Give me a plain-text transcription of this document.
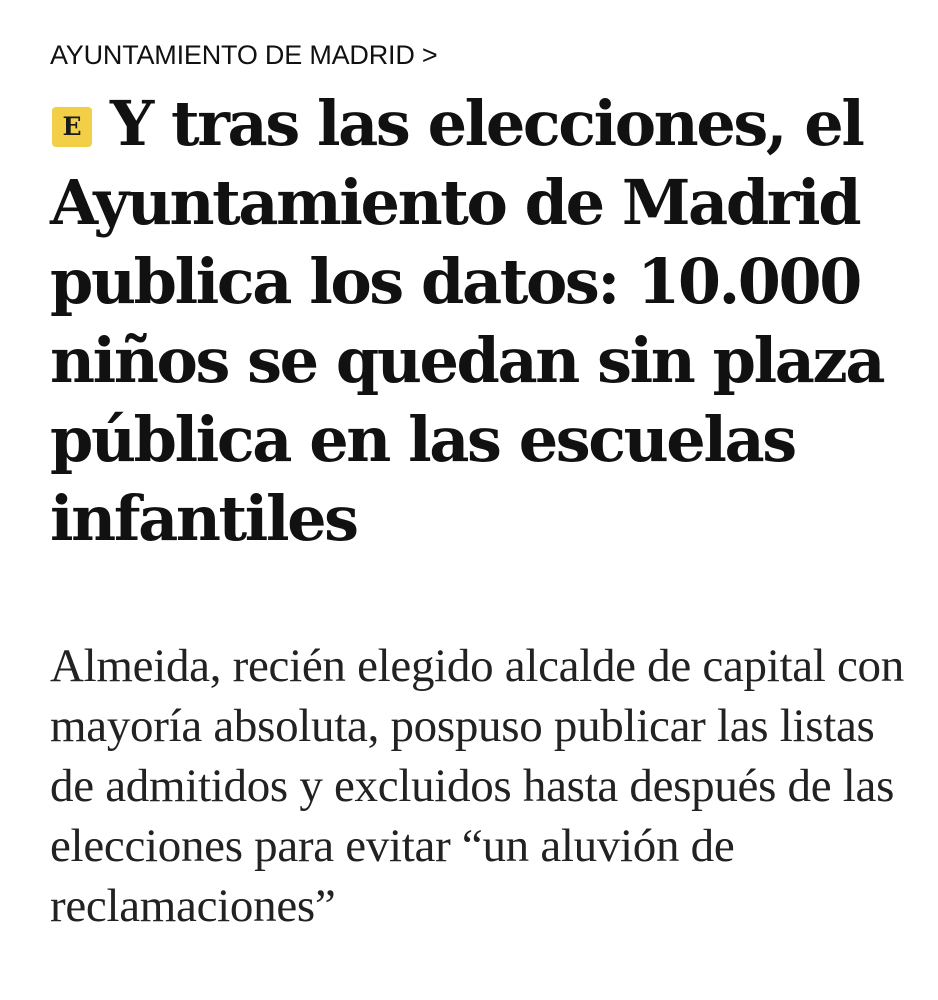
AYUNTAMIENTO DE MADRID >
E Y tras las elecciones, el Ayuntamiento de Madrid publica los datos: 10.000 niños se quedan sin plaza pública en las escuelas infantiles

Almeida, recién elegido alcalde de capital con mayoría absoluta, pospuso publicar las listas de admitidos y excluidos hasta después de las elecciones para evitar “un aluvión de reclamaciones”
